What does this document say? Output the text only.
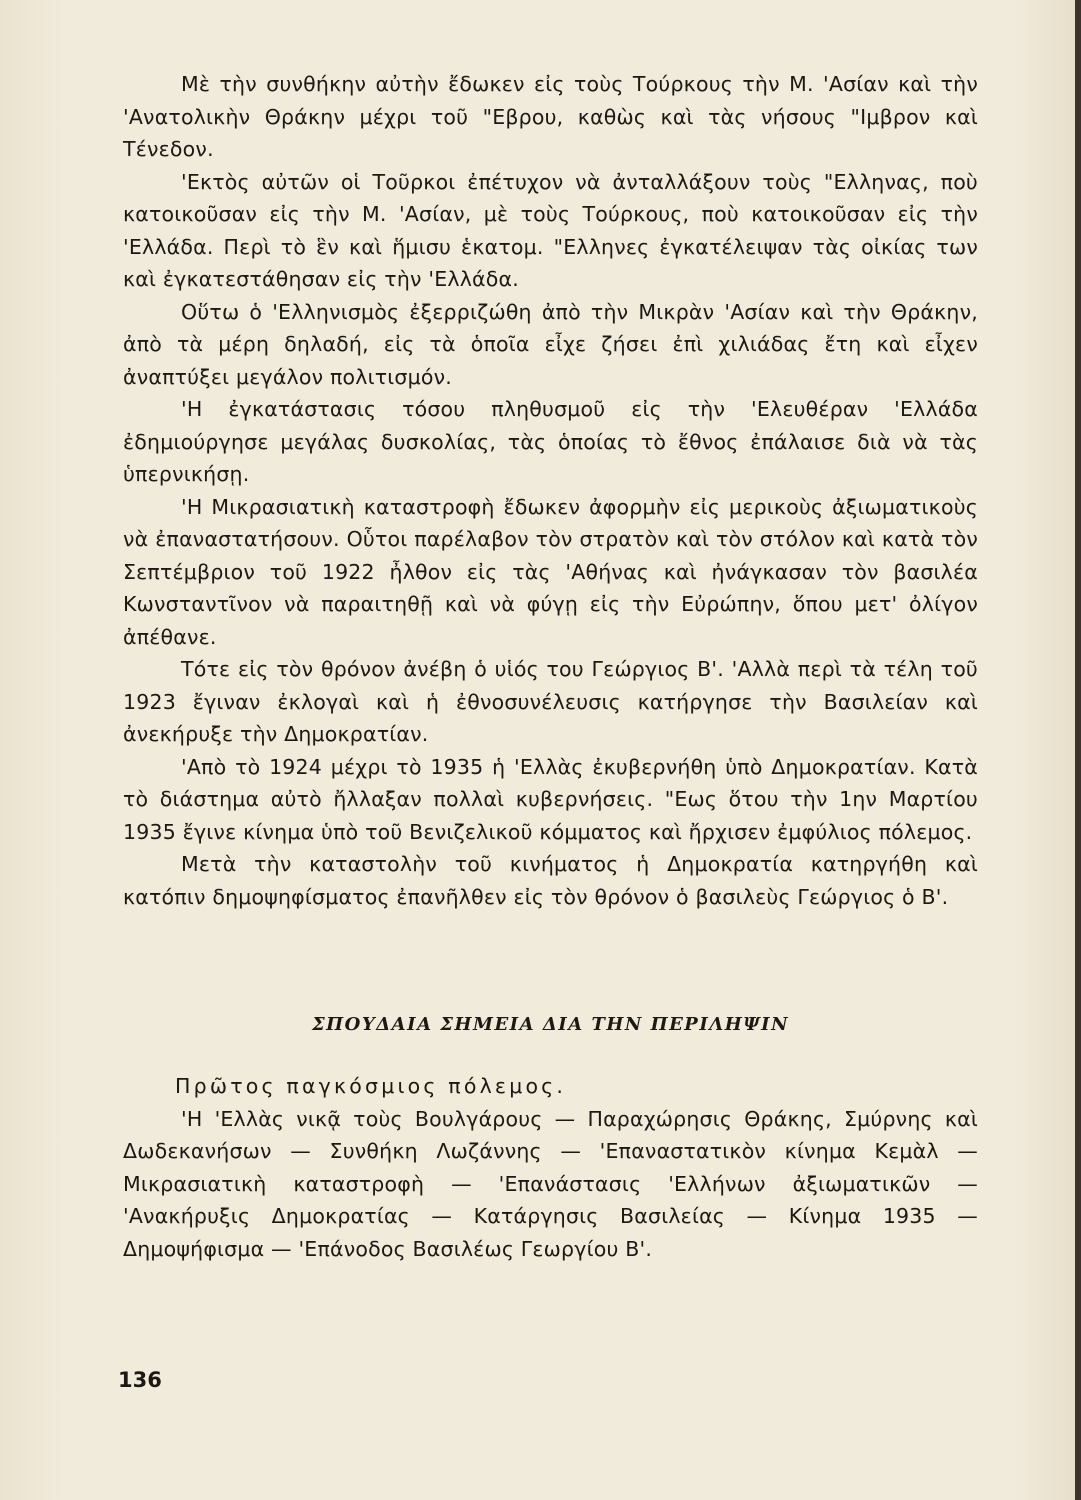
Μὲ τὴν συνθήκην αὐτὴν ἔδωκεν εἰς τοὺς Τούρκους τὴν Μ. 'Ασίαν καὶ τὴν 'Ανατολικὴν Θράκην μέχρι τοῦ "Εβρου, καθὼς καὶ τὰς νήσους "Ιμβρον καὶ Τένεδον.

'Εκτὸς αὐτῶν οἱ Τοῦρκοι ἐπέτυχον νὰ ἀνταλλάξουν τοὺς "Ελληνας, ποὺ κατοικοῦσαν εἰς τὴν Μ. 'Ασίαν, μὲ τοὺς Τούρκους, ποὺ κατοικοῦσαν εἰς τὴν 'Ελλάδα. Περὶ τὸ ἓν καὶ ἥμισυ ἑκατομ. "Ελληνες ἐγκατέλειψαν τὰς οἰκίας των καὶ ἐγκατεστάθησαν εἰς τὴν 'Ελλάδα.

Οὕτω ὁ 'Ελληνισμὸς ἐξερριζώθη ἀπὸ τὴν Μικρὰν 'Ασίαν καὶ τὴν Θράκην, ἀπὸ τὰ μέρη δηλαδή, εἰς τὰ ὁποῖα εἶχε ζήσει ἐπὶ χιλιάδας ἔτη καὶ εἶχεν ἀναπτύξει μεγάλον πολιτισμόν.

'Η ἐγκατάστασις τόσου πληθυσμοῦ εἰς τὴν 'Ελευθέραν 'Ελλάδα ἐδημιούργησε μεγάλας δυσκολίας, τὰς ὁποίας τὸ ἔθνος ἐπάλαισε διὰ νὰ τὰς ὑπερνικήσῃ.

'Η Μικρασιατικὴ καταστροφὴ ἔδωκεν ἀφορμὴν εἰς μερικοὺς ἀξιωματικοὺς νὰ ἐπαναστατήσουν. Οὗτοι παρέλαβον τὸν στρατὸν καὶ τὸν στόλον καὶ κατὰ τὸν Σεπτέμβριον τοῦ 1922 ἦλθον εἰς τὰς 'Αθήνας καὶ ἠνάγκασαν τὸν βασιλέα Κωνσταντῖνον νὰ παραιτηθῇ καὶ νὰ φύγῃ εἰς τὴν Εὐρώπην, ὅπου μετ' ὀλίγον ἀπέθανε.

Τότε εἰς τὸν θρόνον ἀνέβη ὁ υἱός του Γεώργιος Β'. 'Αλλὰ περὶ τὰ τέλη τοῦ 1923 ἔγιναν ἐκλογαὶ καὶ ἡ ἐθνοσυνέλευσις κατήργησε τὴν Βασιλείαν καὶ ἀνεκήρυξε τὴν Δημοκρατίαν.

'Απὸ τὸ 1924 μέχρι τὸ 1935 ἡ 'Ελλὰς ἐκυβερνήθη ὑπὸ Δημοκρατίαν. Κατὰ τὸ διάστημα αὐτὸ ἤλλαξαν πολλαὶ κυβερνήσεις. "Εως ὅτου τὴν 1ην Μαρτίου 1935 ἔγινε κίνημα ὑπὸ τοῦ Βενιζελικοῦ κόμματος καὶ ἤρχισεν ἐμφύλιος πόλεμος.

Μετὰ τὴν καταστολὴν τοῦ κινήματος ἡ Δημοκρατία κατηργήθη καὶ κατόπιν δημοψηφίσματος ἐπανῆλθεν εἰς τὸν θρόνον ὁ βασιλεὺς Γεώργιος ὁ Β'.

ΣΠΟΥΔΑΙΑ ΣΗΜΕΙΑ ΔΙΑ ΤΗΝ ΠΕΡΙΛΗΨΙΝ

Πρῶτος παγκόσμιος πόλεμος.

'Η 'Ελλὰς νικᾷ τοὺς Βουλγάρους — Παραχώρησις Θράκης, Σμύρνης καὶ Δωδεκανήσων — Συνθήκη Λωζάννης — 'Επαναστατικὸν κίνημα Κεμὰλ — Μικρασιατικὴ καταστροφὴ — 'Επανάστασις 'Ελλήνων ἀξιωματικῶν — 'Ανακήρυξις Δημοκρατίας — Κατάργησις Βασιλείας — Κίνημα 1935 — Δημοψήφισμα — 'Επάνοδος Βασιλέως Γεωργίου Β'.

136
